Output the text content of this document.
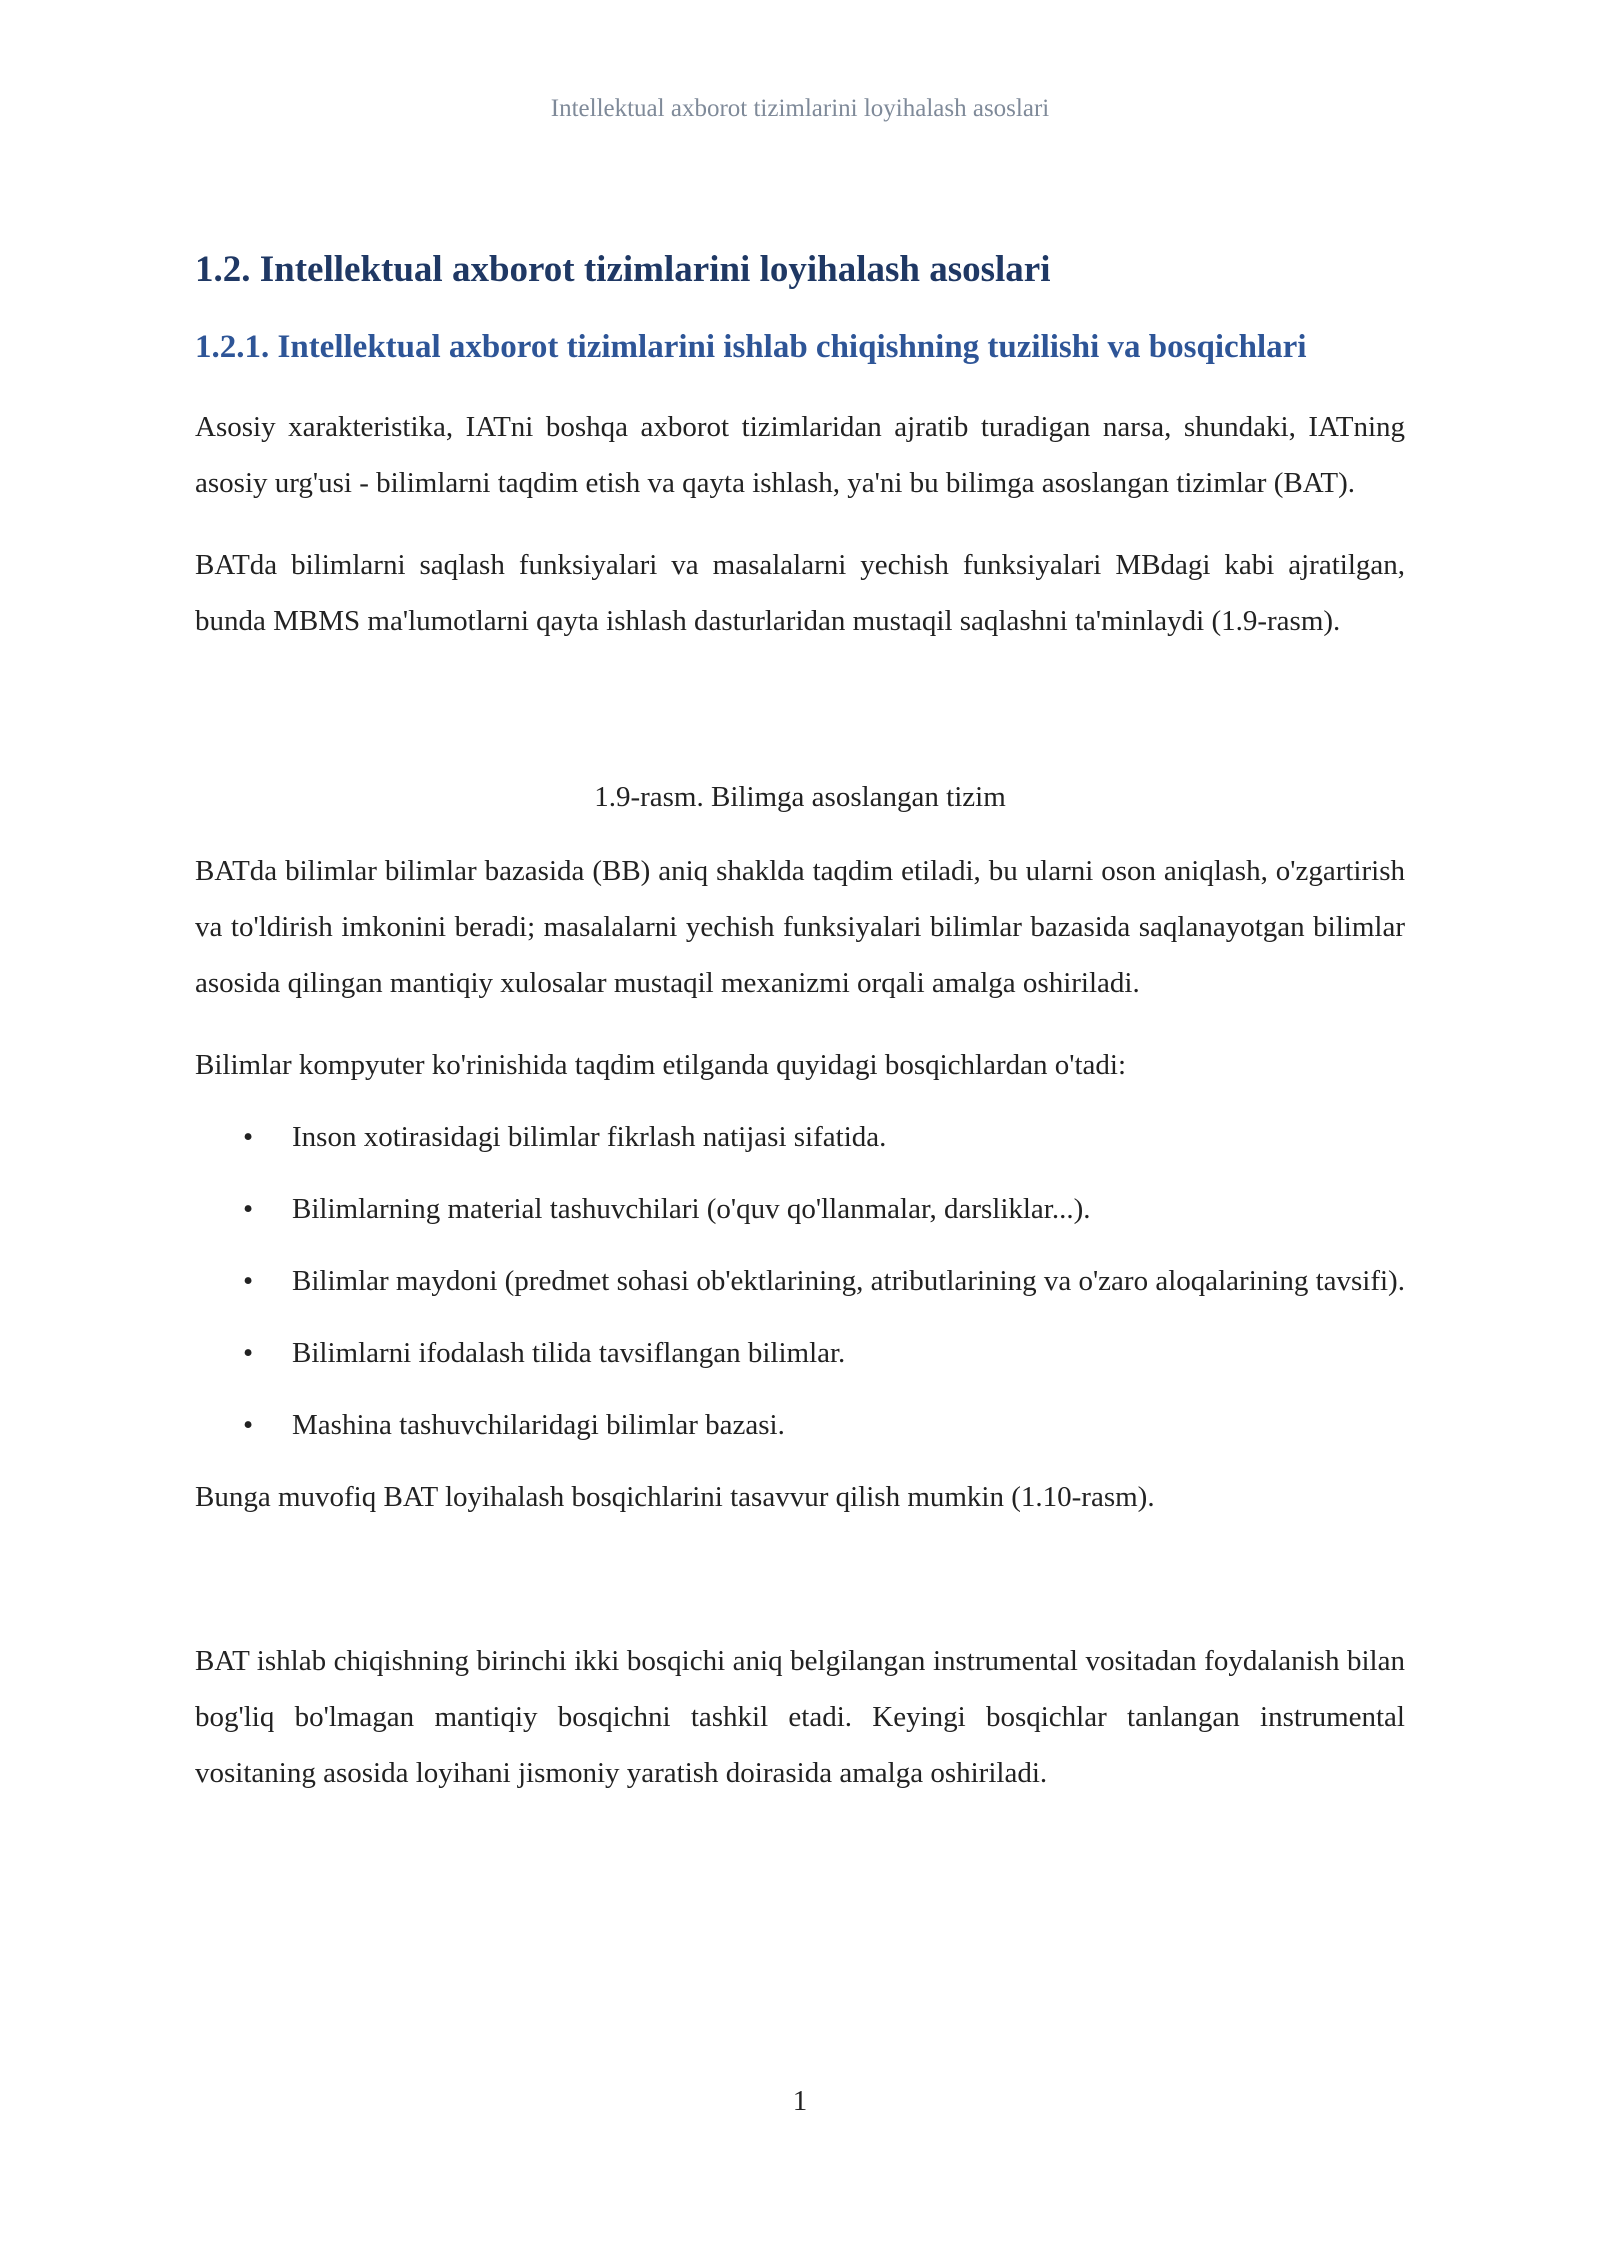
Intellektual axborot tizimlarini loyihalash asoslari
1.2. Intellektual axborot tizimlarini loyihalash asoslari
1.2.1. Intellektual axborot tizimlarini ishlab chiqishning tuzilishi va bosqichlari

Asosiy xarakteristika, IATni boshqa axborot tizimlaridan ajratib turadigan narsa, shundaki, IATning asosiy urg'usi - bilimlarni taqdim etish va qayta ishlash, ya'ni bu bilimga asoslangan tizimlar (BAT).

BATda bilimlarni saqlash funksiyalari va masalalarni yechish funksiyalari MBdagi kabi ajratilgan, bunda MBMS ma'lumotlarni qayta ishlash dasturlaridan mustaqil saqlashni ta'minlaydi (1.9-rasm).

1.9-rasm. Bilimga asoslangan tizim

BATda bilimlar bilimlar bazasida (BB) aniq shaklda taqdim etiladi, bu ularni oson aniqlash, o'zgartirish va to'ldirish imkonini beradi; masalalarni yechish funksiyalari bilimlar bazasida saqlanayotgan bilimlar asosida qilingan mantiqiy xulosalar mustaqil mexanizmi orqali amalga oshiriladi.

Bilimlar kompyuter ko'rinishida taqdim etilganda quyidagi bosqichlardan o'tadi:

• Inson xotirasidagi bilimlar fikrlash natijasi sifatida.
• Bilimlarning material tashuvchilari (o'quv qo'llanmalar, darsliklar...).
• Bilimlar maydoni (predmet sohasi ob'ektlarining, atributlarining va o'zaro aloqalarining tavsifi).
• Bilimlarni ifodalash tilida tavsiflangan bilimlar.
• Mashina tashuvchilaridagi bilimlar bazasi.

Bunga muvofiq BAT loyihalash bosqichlarini tasavvur qilish mumkin (1.10-rasm).

BAT ishlab chiqishning birinchi ikki bosqichi aniq belgilangan instrumental vositadan foydalanish bilan bog'liq bo'lmagan mantiqiy bosqichni tashkil etadi. Keyingi bosqichlar tanlangan instrumental vositaning asosida loyihani jismoniy yaratish doirasida amalga oshiriladi.

1
